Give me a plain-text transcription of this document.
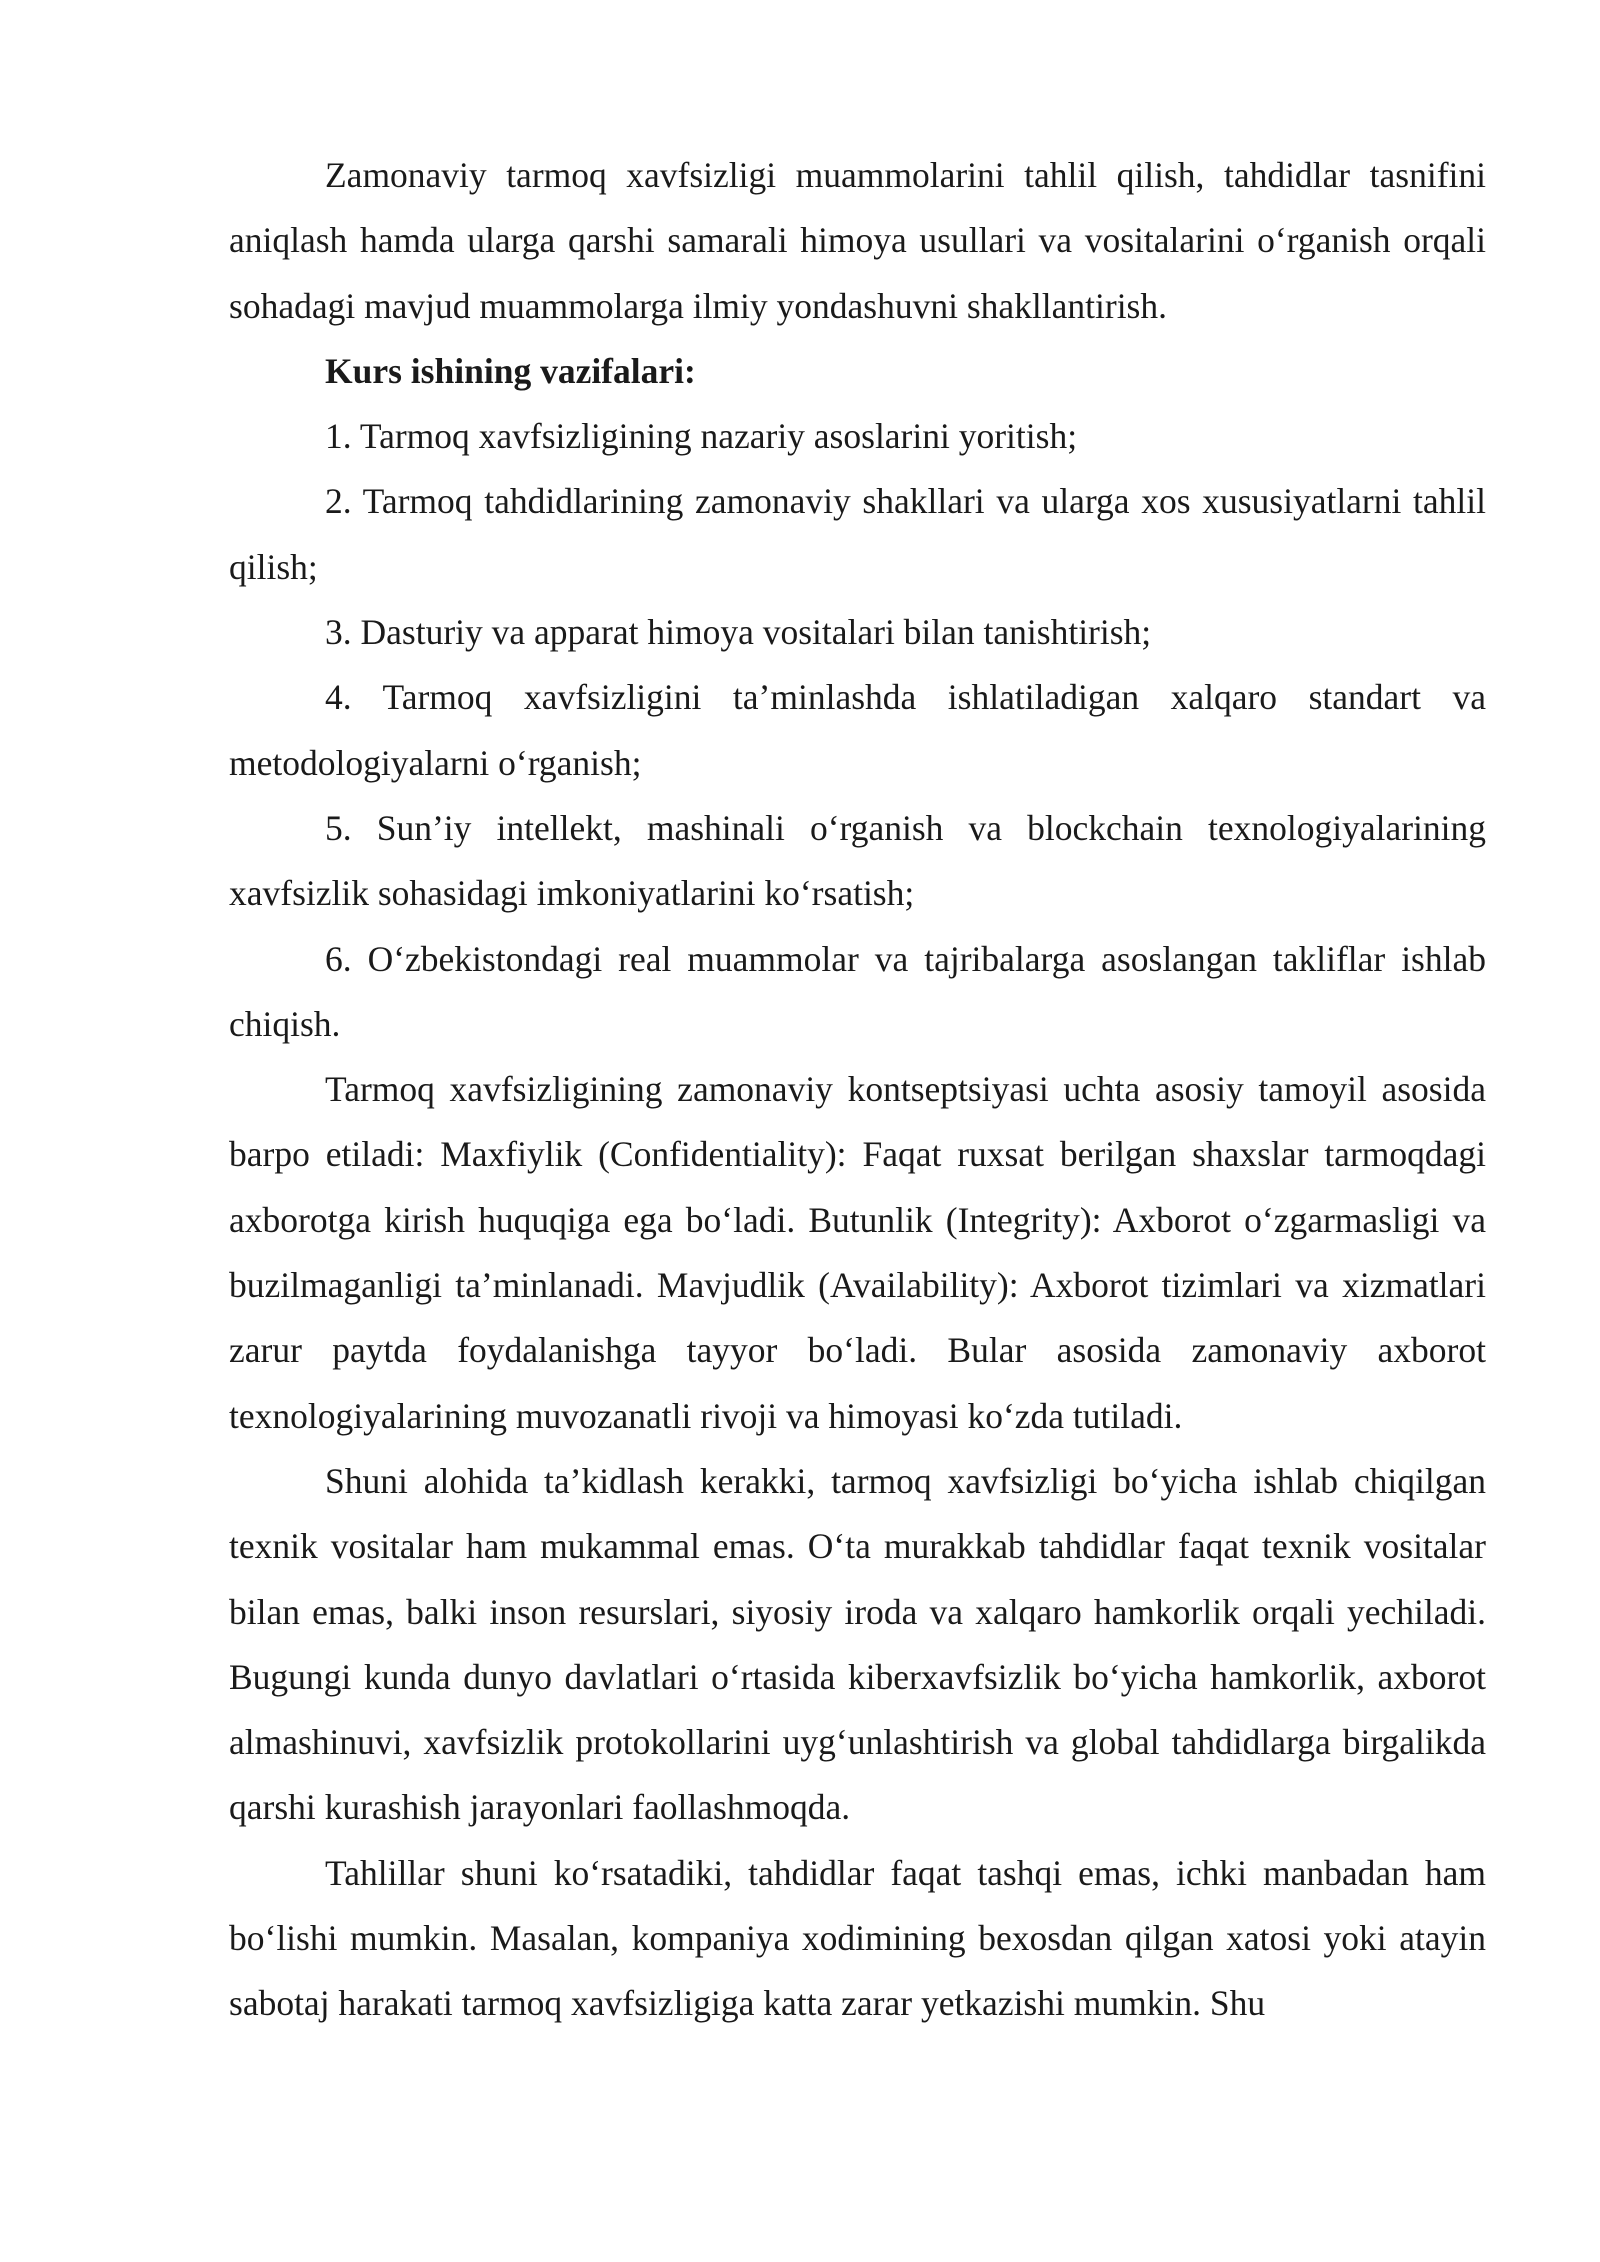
Zamonaviy tarmoq xavfsizligi muammolarini tahlil qilish, tahdidlar tasnifini aniqlash hamda ularga qarshi samarali himoya usullari va vositalarini o‘rganish orqali sohadagi mavjud muammolarga ilmiy yondashuvni shakllantirish.

Kurs ishining vazifalari:

1. Tarmoq xavfsizligining nazariy asoslarini yoritish;

2. Tarmoq tahdidlarining zamonaviy shakllari va ularga xos xususiyatlarni tahlil qilish;

3. Dasturiy va apparat himoya vositalari bilan tanishtirish;

4. Tarmoq xavfsizligini ta’minlashda ishlatiladigan xalqaro standart va metodologiyalarni o‘rganish;

5. Sun’iy intellekt, mashinali o‘rganish va blockchain texnologiyalarining xavfsizlik sohasidagi imkoniyatlarini ko‘rsatish;

6. O‘zbekistondagi real muammolar va tajribalarga asoslangan takliflar ishlab chiqish.

Tarmoq xavfsizligining zamonaviy kontseptsiyasi uchta asosiy tamoyil asosida barpo etiladi: Maxfiylik (Confidentiality): Faqat ruxsat berilgan shaxslar tarmoqdagi axborotga kirish huquqiga ega bo‘ladi. Butunlik (Integrity): Axborot o‘zgarmasligi va buzilmaganligi ta’minlanadi. Mavjudlik (Availability): Axborot tizimlari va xizmatlari zarur paytda foydalanishga tayyor bo‘ladi. Bular asosida zamonaviy axborot texnologiyalarining muvozanatli rivoji va himoyasi ko‘zda tutiladi.

Shuni alohida ta’kidlash kerakki, tarmoq xavfsizligi bo‘yicha ishlab chiqilgan texnik vositalar ham mukammal emas. O‘ta murakkab tahdidlar faqat texnik vositalar bilan emas, balki inson resurslari, siyosiy iroda va xalqaro hamkorlik orqali yechiladi. Bugungi kunda dunyo davlatlari o‘rtasida kiberxavfsizlik bo‘yicha hamkorlik, axborot almashinuvi, xavfsizlik protokollarini uyg‘unlashtirish va global tahdidlarga birgalikda qarshi kurashish jarayonlari faollashmoqda.

Tahlillar shuni ko‘rsatadiki, tahdidlar faqat tashqi emas, ichki manbadan ham bo‘lishi mumkin. Masalan, kompaniya xodimining bexosdan qilgan xatosi yoki atayin sabotaj harakati tarmoq xavfsizligiga katta zarar yetkazishi mumkin. Shu
